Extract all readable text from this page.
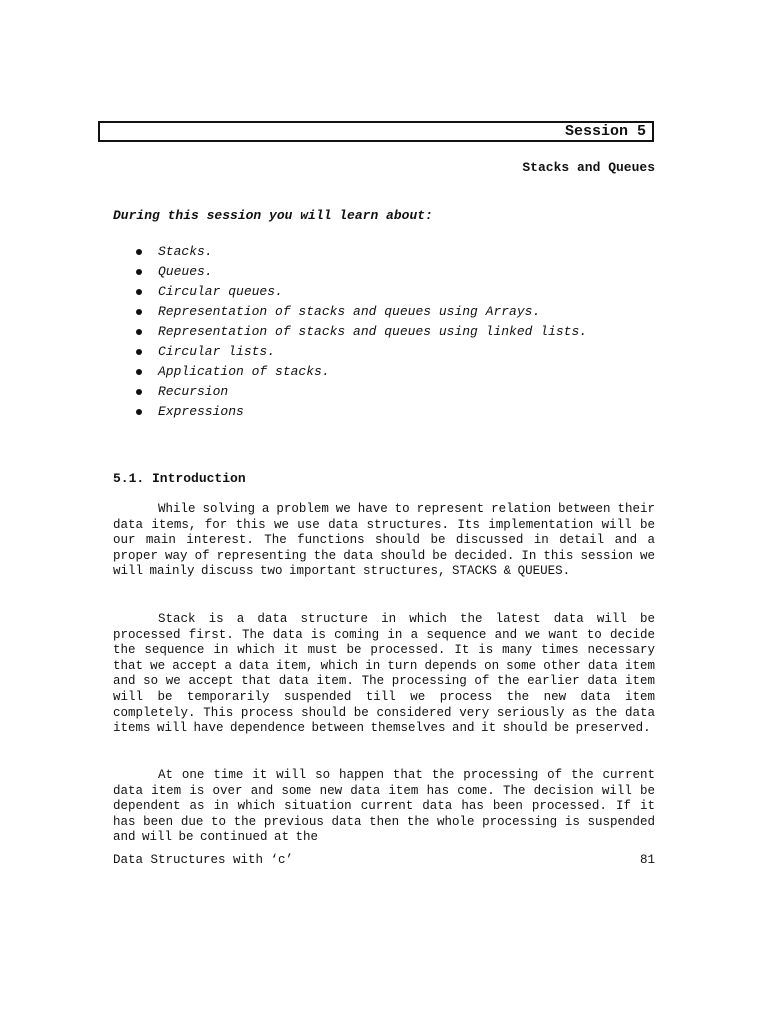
Session 5
Stacks and Queues
During this session you will learn about:
Stacks.
Queues.
Circular queues.
Representation of stacks and queues using Arrays.
Representation of stacks and queues using linked lists.
Circular lists.
Application of stacks.
Recursion
Expressions
5.1. Introduction

While solving a problem we have to represent relation between their data items, for this we use data structures. Its implementation will be our main interest. The functions should be discussed in detail and a proper way of representing the data should be decided. In this session we will mainly discuss two important structures, STACKS & QUEUES.

Stack is a data structure in which the latest data will be processed first. The data is coming in a sequence and we want to decide the sequence in which it must be processed. It is many times necessary that we accept a data item, which in turn depends on some other data item and so we accept that data item. The processing of the earlier data item will be temporarily suspended till we process the new data item completely. This process should be considered very seriously as the data items will have dependence between themselves and it should be preserved.

At one time it will so happen that the processing of the current data item is over and some new data item has come. The decision will be dependent as in which situation current data has been processed. If it has been due to the previous data then the whole processing is suspended and will be continued at the

Data Structures with ‘c’	81
